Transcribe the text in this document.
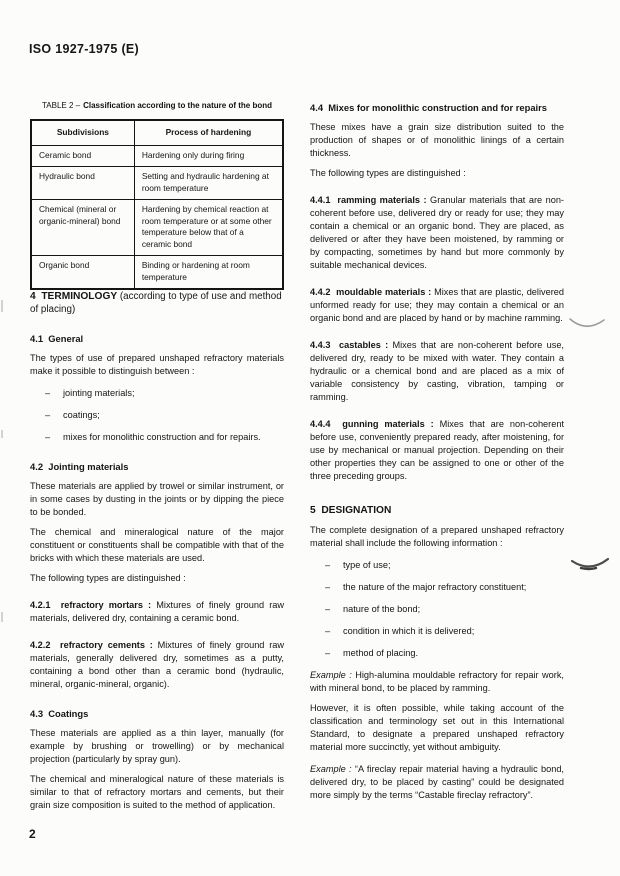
ISO 1927-1975 (E)
TABLE 2 – Classification according to the nature of the bond
Subdivisions	Process of hardening
Ceramic bond	Hardening only during firing
Hydraulic bond	Setting and hydraulic hardening at room temperature
Chemical (mineral or organic-mineral) bond	Hardening by chemical reaction at room temperature or at some other temperature below that of a ceramic bond
Organic bond	Binding or hardening at room temperature
4  TERMINOLOGY (according to type of use and method of placing)
4.1  General
The types of use of prepared unshaped refractory materials make it possible to distinguish between :
–	jointing materials;
–	coatings;
–	mixes for monolithic construction and for repairs.
4.2  Jointing materials
These materials are applied by trowel or similar instrument, or in some cases by dusting in the joints or by dipping the piece to be bonded.
The chemical and mineralogical nature of the major constituent or constituents shall be compatible with that of the bricks with which these materials are used.
The following types are distinguished :
4.2.1  refractory mortars : Mixtures of finely ground raw materials, delivered dry, containing a ceramic bond.
4.2.2  refractory cements : Mixtures of finely ground raw materials, generally delivered dry, sometimes as a putty, containing a bond other than a ceramic bond (hydraulic, mineral, organic-mineral, organic).
4.3  Coatings
These materials are applied as a thin layer, manually (for example by brushing or trowelling) or by mechanical projection (particularly by spray gun).
The chemical and mineralogical nature of these materials is similar to that of refractory mortars and cements, but their grain size composition is suited to the method of application.
4.4  Mixes for monolithic construction and for repairs
These mixes have a grain size distribution suited to the production of shapes or of monolithic linings of a certain thickness.
The following types are distinguished :
4.4.1  ramming materials : Granular materials that are non-coherent before use, delivered dry or ready for use; they may contain a chemical or an organic bond. They are placed, as delivered or after they have been moistened, by ramming or by compacting, sometimes by hand but more commonly by suitable mechanical devices.
4.4.2  mouldable materials : Mixes that are plastic, delivered unformed ready for use; they may contain a chemical or an organic bond and are placed by hand or by machine ramming.
4.4.3  castables : Mixes that are non-coherent before use, delivered dry, ready to be mixed with water. They contain a hydraulic or a chemical bond and are placed as a mix of variable consistency by casting, vibration, tamping or ramming.
4.4.4  gunning materials : Mixes that are non-coherent before use, conveniently prepared ready, after moistening, for use by mechanical or manual projection. Depending on their other properties they can be assigned to one or other of the three preceding groups.
5  DESIGNATION
The complete designation of a prepared unshaped refractory material shall include the following information :
–	type of use;
–	the nature of the major refractory constituent;
–	nature of the bond;
–	condition in which it is delivered;
–	method of placing.
Example : High-alumina mouldable refractory for repair work, with mineral bond, to be placed by ramming.
However, it is often possible, while taking account of the classification and terminology set out in this International Standard, to designate a prepared unshaped refractory material more succinctly, yet without ambiguity.
Example : “A fireclay repair material having a hydraulic bond, delivered dry, to be placed by casting” could be designated more simply by the terms “Castable fireclay refractory”.
2
